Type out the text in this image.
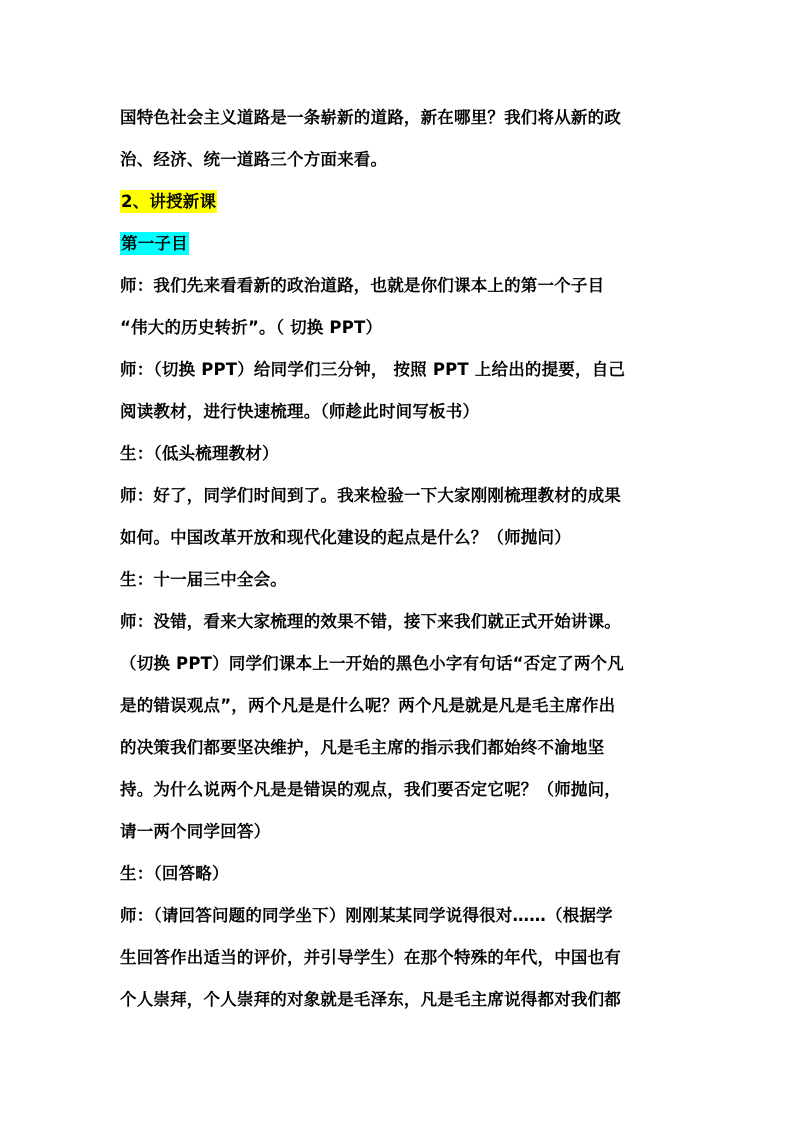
国特色社会主义道路是一条崭新的道路，新在哪里？我们将从新的政
治、经济、统一道路三个方面来看。
2、讲授新课
第一子目
师：我们先来看看新的政治道路，也就是你们课本上的第一个子目
“伟大的历史转折”。（ 切换 PPT）
师：（切换 PPT）给同学们三分钟， 按照 PPT 上给出的提要，自己
阅读教材，进行快速梳理。（师趁此时间写板书）
生：（低头梳理教材）
师：好了，同学们时间到了。我来检验一下大家刚刚梳理教材的成果
如何。中国改革开放和现代化建设的起点是什么？（师抛问）
生：十一届三中全会。
师：没错，看来大家梳理的效果不错，接下来我们就正式开始讲课。
（切换 PPT）同学们课本上一开始的黑色小字有句话“否定了两个凡
是的错误观点”，两个凡是是什么呢？两个凡是就是凡是毛主席作出
的决策我们都要坚决维护，凡是毛主席的指示我们都始终不渝地坚
持。为什么说两个凡是是错误的观点，我们要否定它呢？（师抛问，
请一两个同学回答）
生：（回答略）
师：（请回答问题的同学坐下）刚刚某某同学说得很对……（根据学
生回答作出适当的评价，并引导学生）在那个特殊的年代，中国也有
个人崇拜，个人崇拜的对象就是毛泽东，凡是毛主席说得都对我们都
